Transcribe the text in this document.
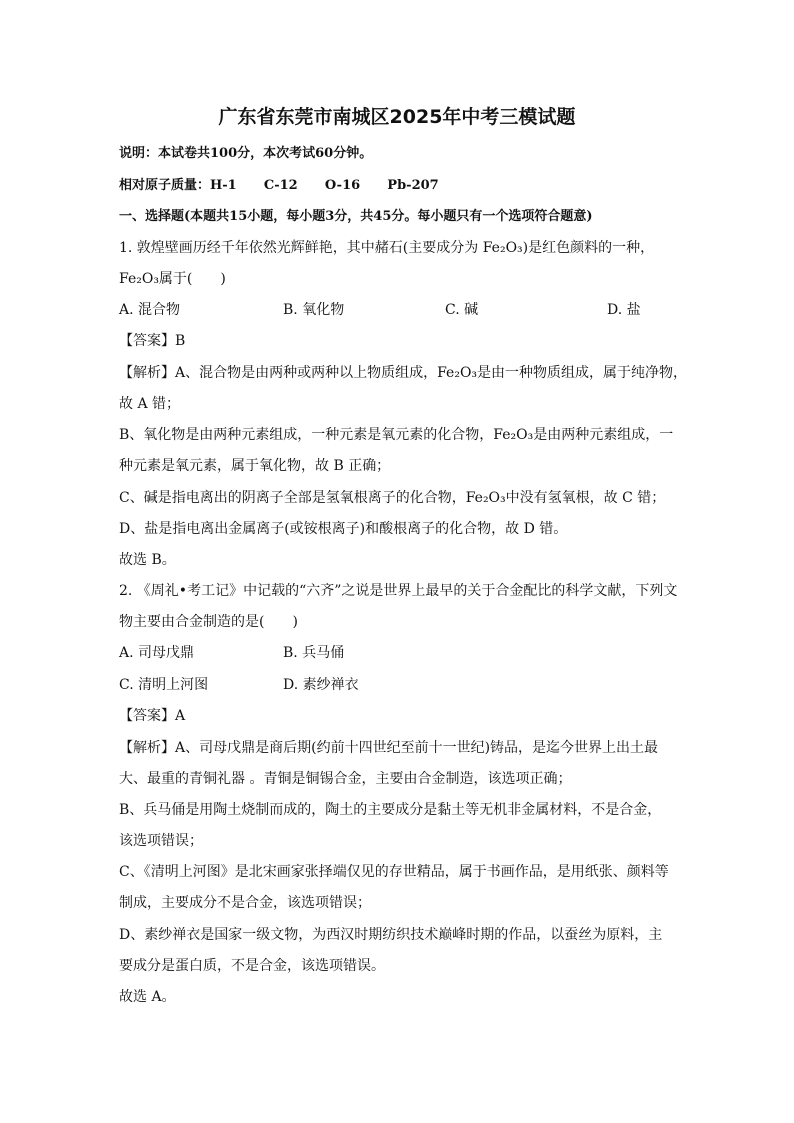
广东省东莞市南城区2025年中考三模试题
说明：本试卷共100分，本次考试60分钟。
相对原子质量：H-1      C-12      O-16      Pb-207
一、选择题(本题共15小题，每小题3分，共45分。每小题只有一个选项符合题意)
1. 敦煌壁画历经千年依然光辉鲜艳，其中赭石(主要成分为 Fe₂O₃)是红色颜料的一种，
Fe₂O₃属于(　　)
A. 混合物	B. 氧化物	C. 碱	D. 盐
【答案】B
【解析】A、混合物是由两种或两种以上物质组成，Fe₂O₃是由一种物质组成，属于纯净物，
故 A 错；
B、氧化物是由两种元素组成，一种元素是氧元素的化合物，Fe₂O₃是由两种元素组成，一
种元素是氧元素，属于氧化物，故 B 正确；
C、碱是指电离出的阴离子全部是氢氧根离子的化合物，Fe₂O₃中没有氢氧根，故 C 错；
D、盐是指电离出金属离子(或铵根离子)和酸根离子的化合物，故 D 错。
故选 B。
2. 《周礼•考工记》中记载的“六齐”之说是世界上最早的关于合金配比的科学文献，下列文
物主要由合金制造的是(　　)
A. 司母戊鼎	B. 兵马俑
C. 清明上河图	D. 素纱禅衣
【答案】A
【解析】A、司母戊鼎是商后期(约前十四世纪至前十一世纪)铸品，是迄今世界上出土最
大、最重的青铜礼器 。青铜是铜锡合金，主要由合金制造，该选项正确；
B、兵马俑是用陶土烧制而成的，陶土的主要成分是黏土等无机非金属材料，不是合金，
该选项错误；
C、《清明上河图》是北宋画家张择端仅见的存世精品，属于书画作品，是用纸张、颜料等
制成，主要成分不是合金，该选项错误；
D、素纱禅衣是国家一级文物，为西汉时期纺织技术巅峰时期的作品，以蚕丝为原料，主
要成分是蛋白质，不是合金，该选项错误。
故选 A。
